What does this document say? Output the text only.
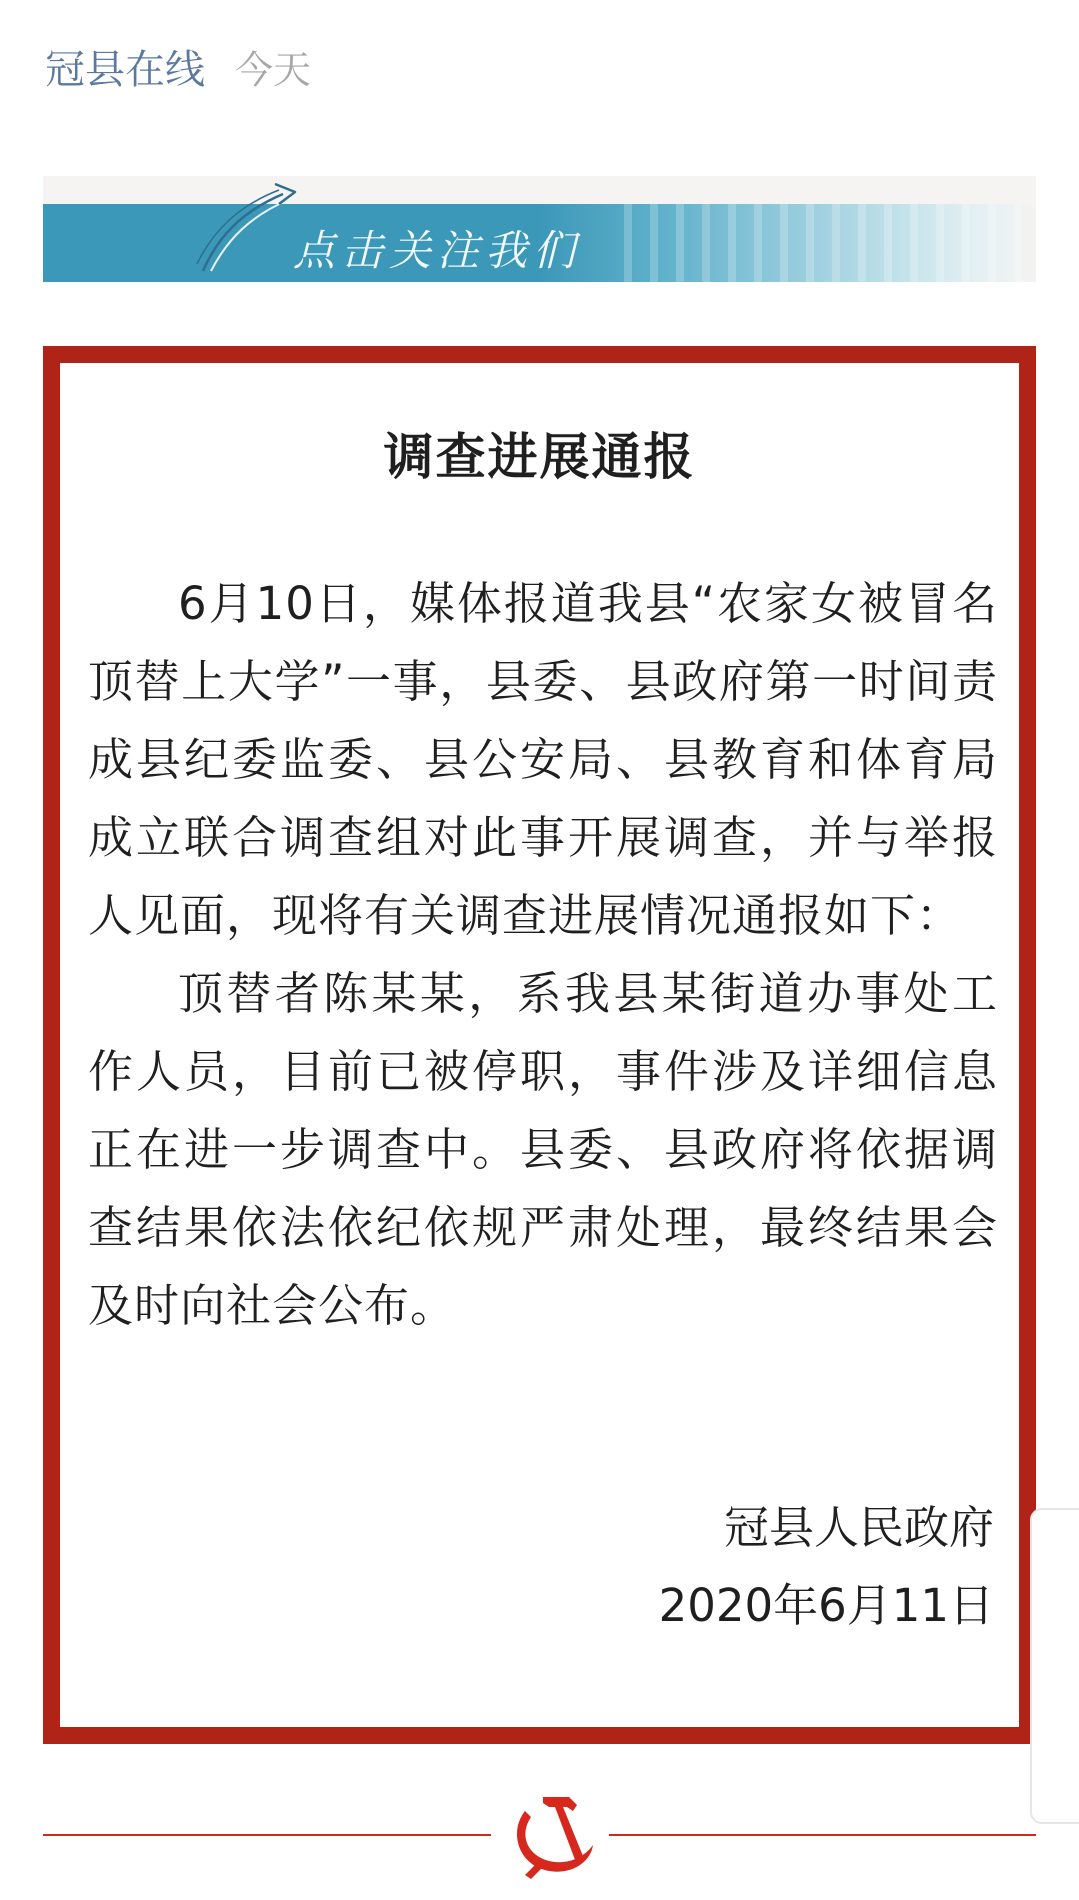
冠县在线 今天
点击关注我们
调查进展通报

6月10日，媒体报道我县“农家女被冒名顶替上大学”一事，县委、县政府第一时间责成县纪委监委、县公安局、县教育和体育局成立联合调查组对此事开展调查，并与举报人见面，现将有关调查进展情况通报如下：

顶替者陈某某，系我县某街道办事处工作人员，目前已被停职，事件涉及详细信息正在进一步调查中。县委、县政府将依据调查结果依法依纪依规严肃处理，最终结果会及时向社会公布。

冠县人民政府
2020年6月11日
